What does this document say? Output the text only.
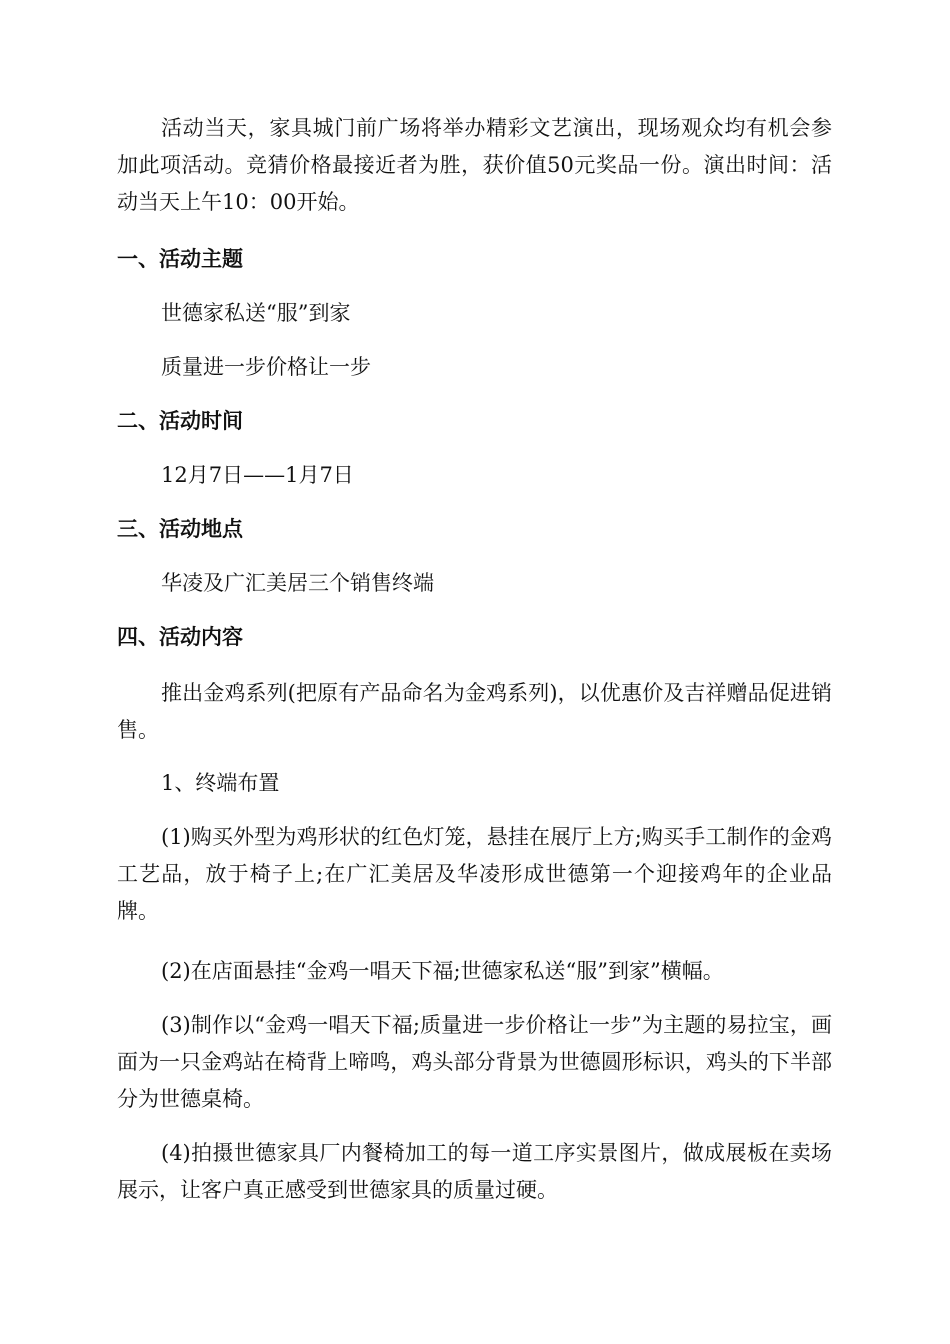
活动当天，家具城门前广场将举办精彩文艺演出，现场观众均有机会参加此项活动。竞猜价格最接近者为胜，获价值50元奖品一份。演出时间：活动当天上午10：00开始。

一、活动主题

世德家私送“服”到家

质量进一步价格让一步

二、活动时间

12月7日——1月7日

三、活动地点

华凌及广汇美居三个销售终端

四、活动内容

推出金鸡系列(把原有产品命名为金鸡系列)，以优惠价及吉祥赠品促进销售。

1、终端布置

(1)购买外型为鸡形状的红色灯笼，悬挂在展厅上方;购买手工制作的金鸡工艺品，放于椅子上;在广汇美居及华凌形成世德第一个迎接鸡年的企业品牌。

(2)在店面悬挂“金鸡一唱天下福;世德家私送“服”到家”横幅。

(3)制作以“金鸡一唱天下福;质量进一步价格让一步”为主题的易拉宝，画面为一只金鸡站在椅背上啼鸣，鸡头部分背景为世德圆形标识，鸡头的下半部分为世德桌椅。

(4)拍摄世德家具厂内餐椅加工的每一道工序实景图片，做成展板在卖场展示，让客户真正感受到世德家具的质量过硬。
